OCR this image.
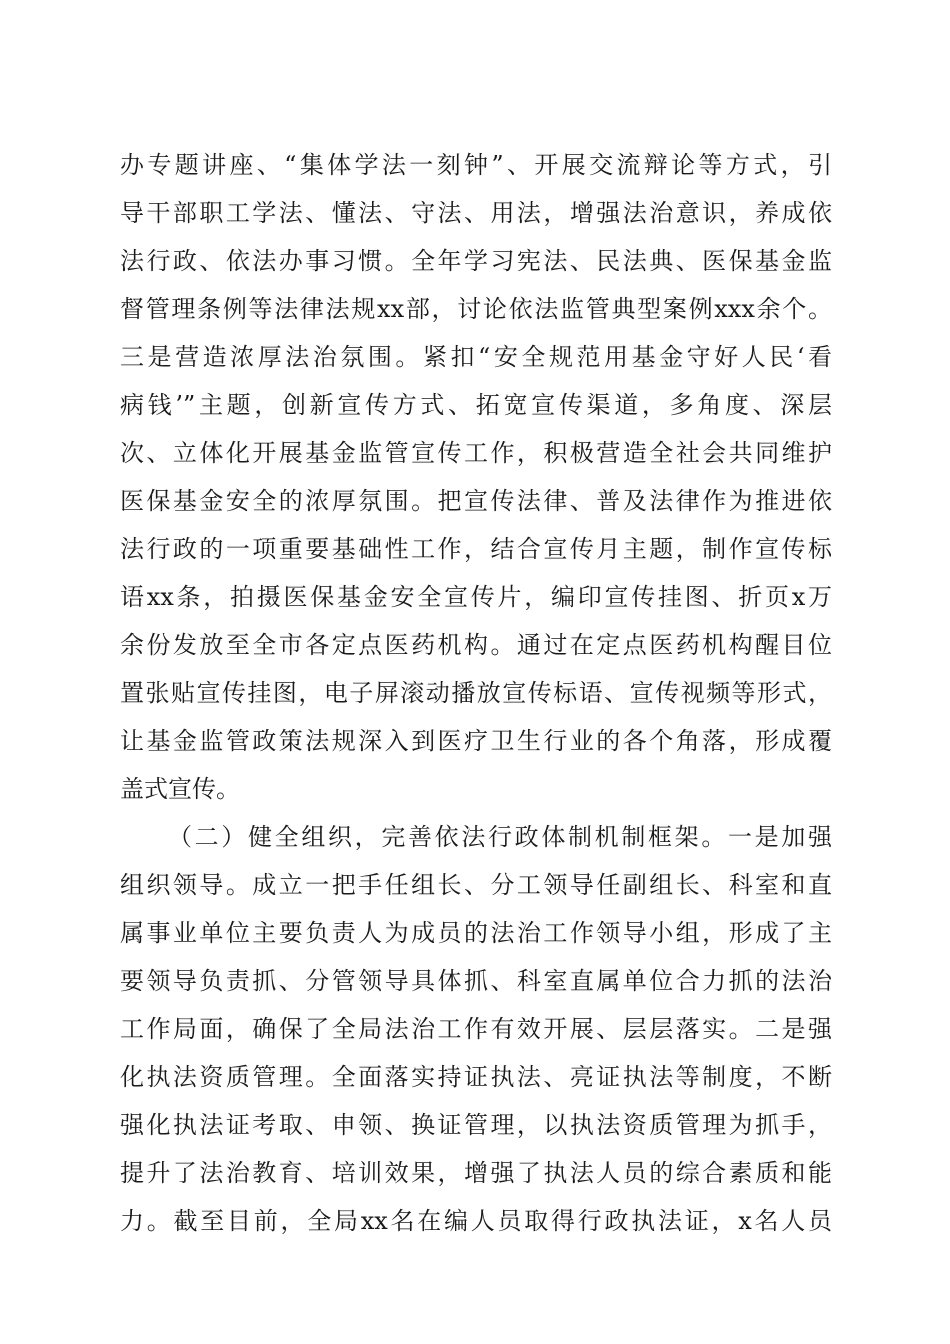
办专题讲座、“集体学法一刻钟”、开展交流辩论等方式，引
导干部职工学法、懂法、守法、用法，增强法治意识，养成依
法行政、依法办事习惯。全年学习宪法、民法典、医保基金监
督管理条例等法律法规xx部，讨论依法监管典型案例xxx余个。
三是营造浓厚法治氛围。紧扣“安全规范用基金守好人民‘看
病钱’”主题，创新宣传方式、拓宽宣传渠道，多角度、深层
次、立体化开展基金监管宣传工作，积极营造全社会共同维护
医保基金安全的浓厚氛围。把宣传法律、普及法律作为推进依
法行政的一项重要基础性工作，结合宣传月主题，制作宣传标
语xx条，拍摄医保基金安全宣传片，编印宣传挂图、折页x万
余份发放至全市各定点医药机构。通过在定点医药机构醒目位
置张贴宣传挂图，电子屏滚动播放宣传标语、宣传视频等形式，
让基金监管政策法规深入到医疗卫生行业的各个角落，形成覆
盖式宣传。
（二）健全组织，完善依法行政体制机制框架。一是加强
组织领导。成立一把手任组长、分工领导任副组长、科室和直
属事业单位主要负责人为成员的法治工作领导小组，形成了主
要领导负责抓、分管领导具体抓、科室直属单位合力抓的法治
工作局面，确保了全局法治工作有效开展、层层落实。二是强
化执法资质管理。全面落实持证执法、亮证执法等制度，不断
强化执法证考取、申领、换证管理，以执法资质管理为抓手，
提升了法治教育、培训效果，增强了执法人员的综合素质和能
力。截至目前，全局xx名在编人员取得行政执法证，x名人员
